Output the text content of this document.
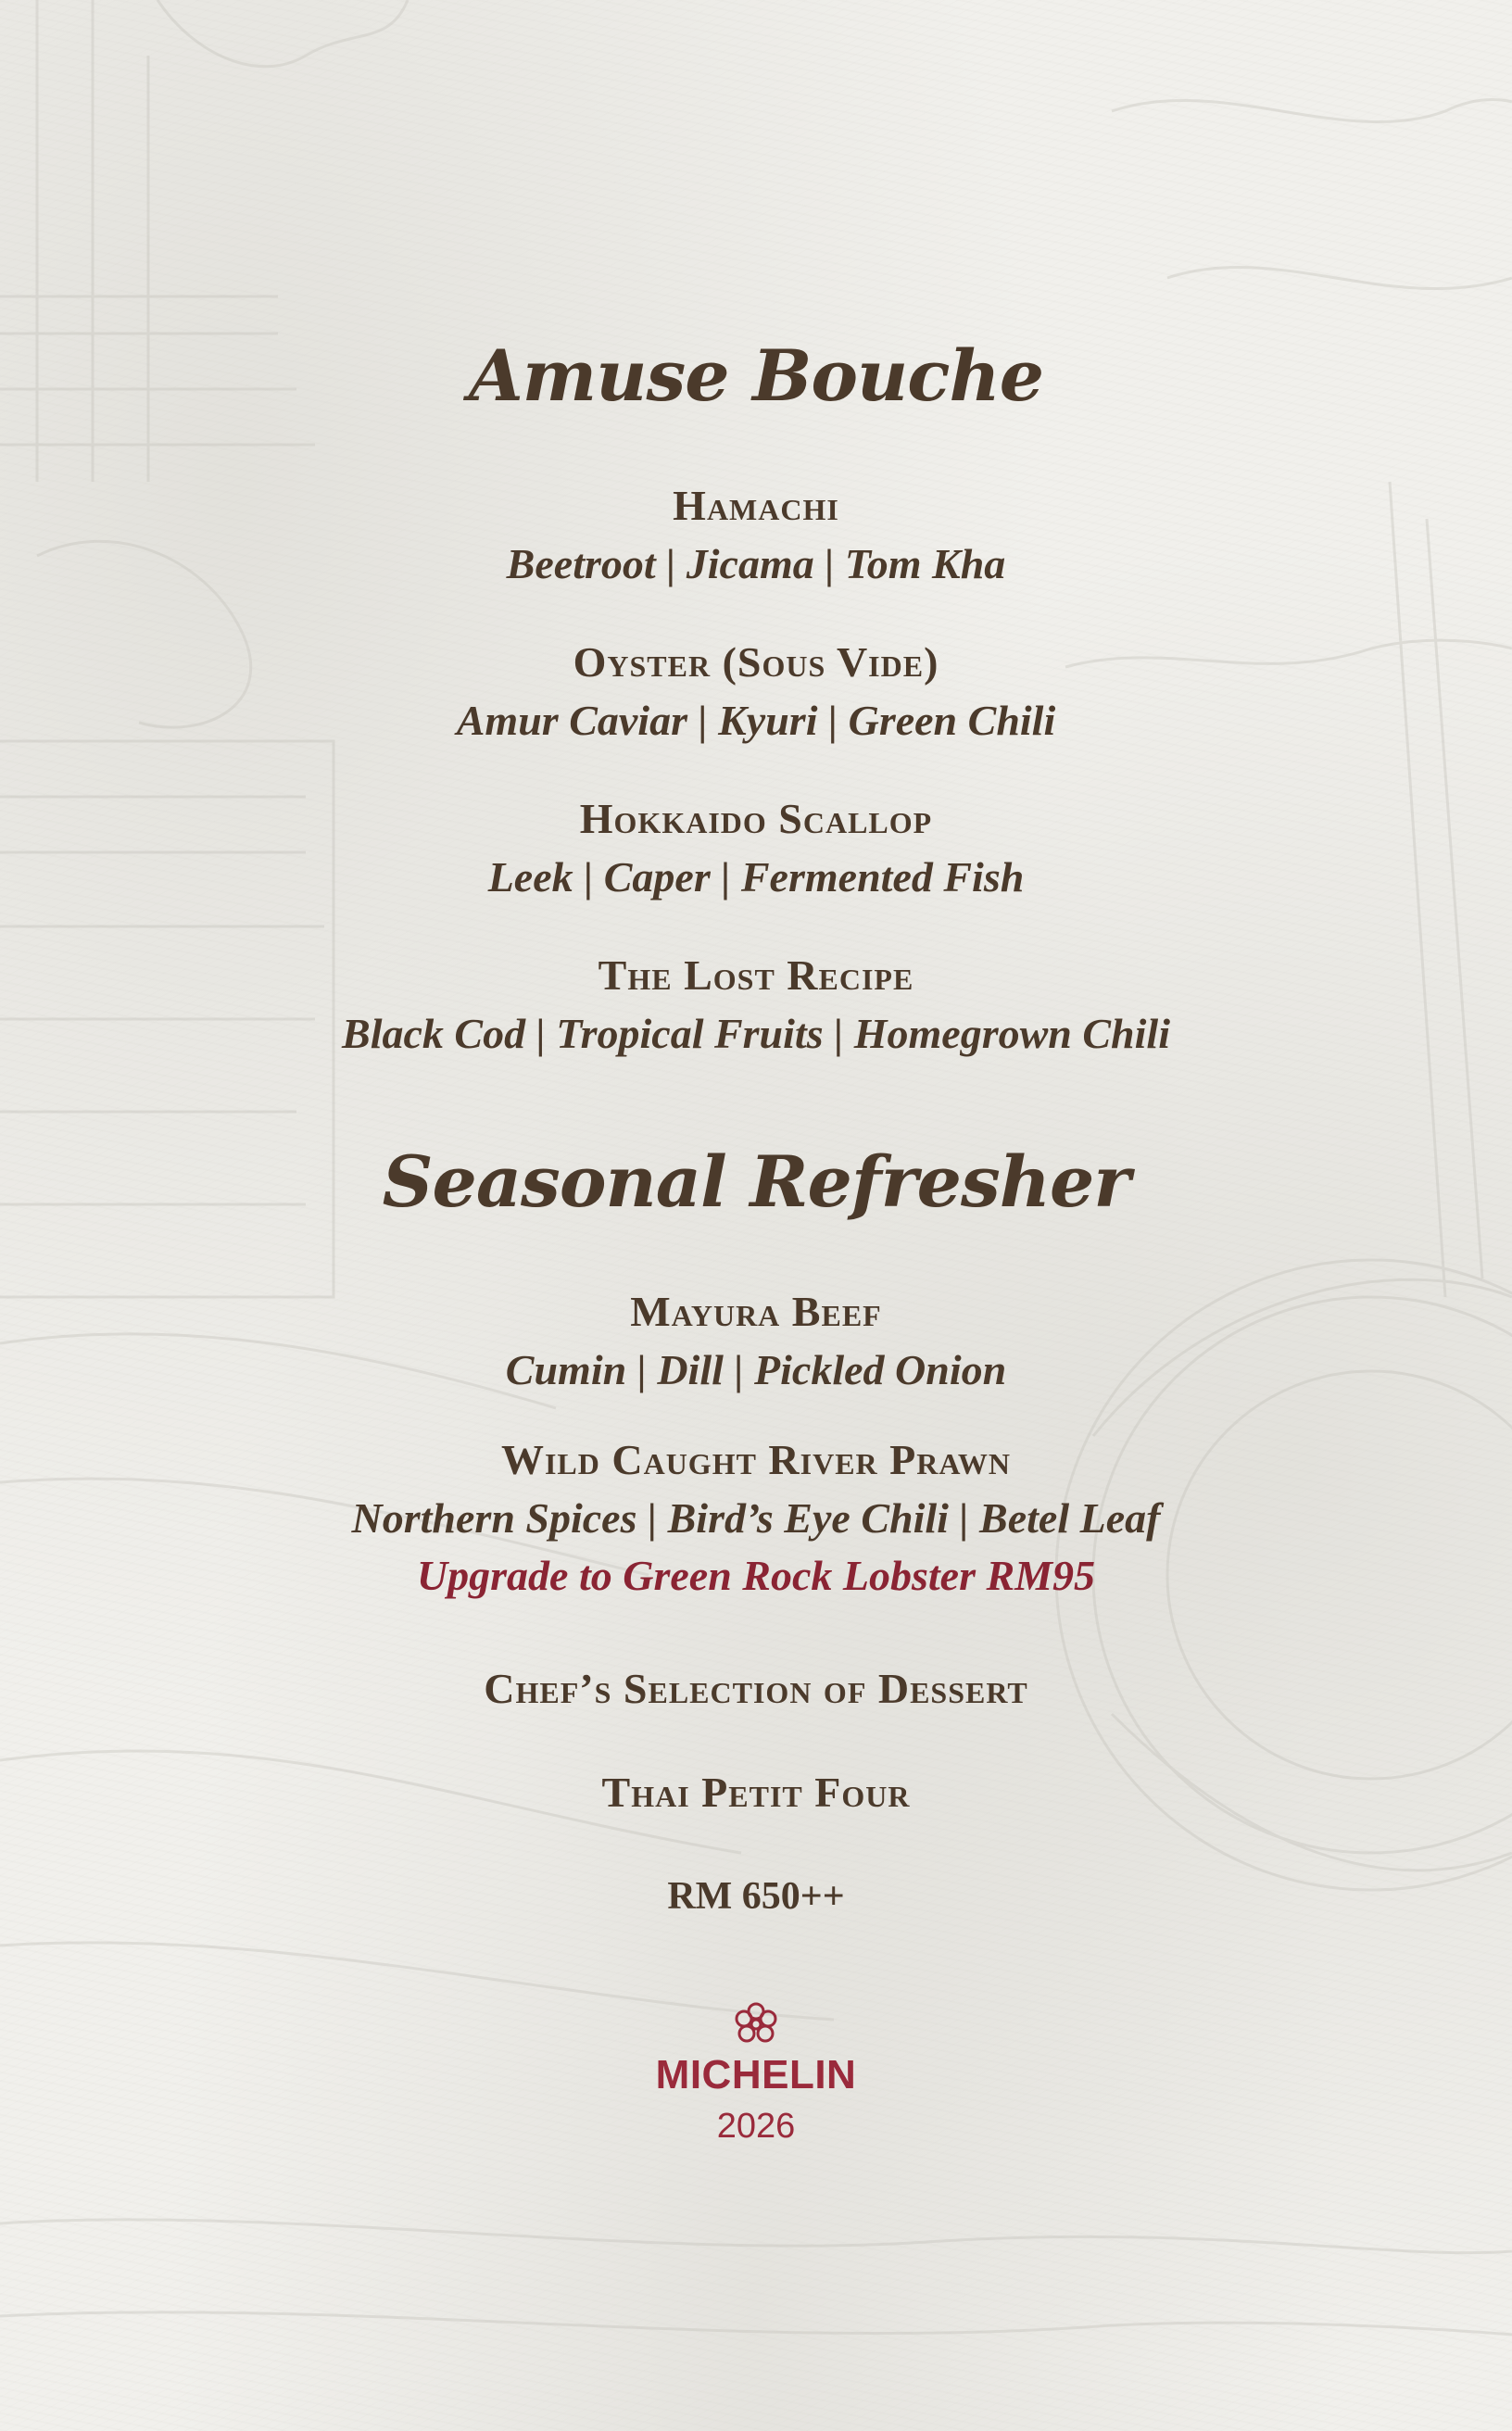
Amuse Bouche
Hamachi
Beetroot | Jicama | Tom Kha
Oyster (Sous Vide)
Amur Caviar | Kyuri | Green Chili
Hokkaido Scallop
Leek | Caper | Fermented Fish
The Lost Recipe
Black Cod | Tropical Fruits | Homegrown Chili
Seasonal Refresher
Mayura Beef
Cumin | Dill | Pickled Onion
Wild Caught River Prawn
Northern Spices | Bird’s Eye Chili | Betel Leaf
Upgrade to Green Rock Lobster RM95
Chef’s Selection of Dessert
Thai Petit Four
RM 650++
MICHELIN
2026
